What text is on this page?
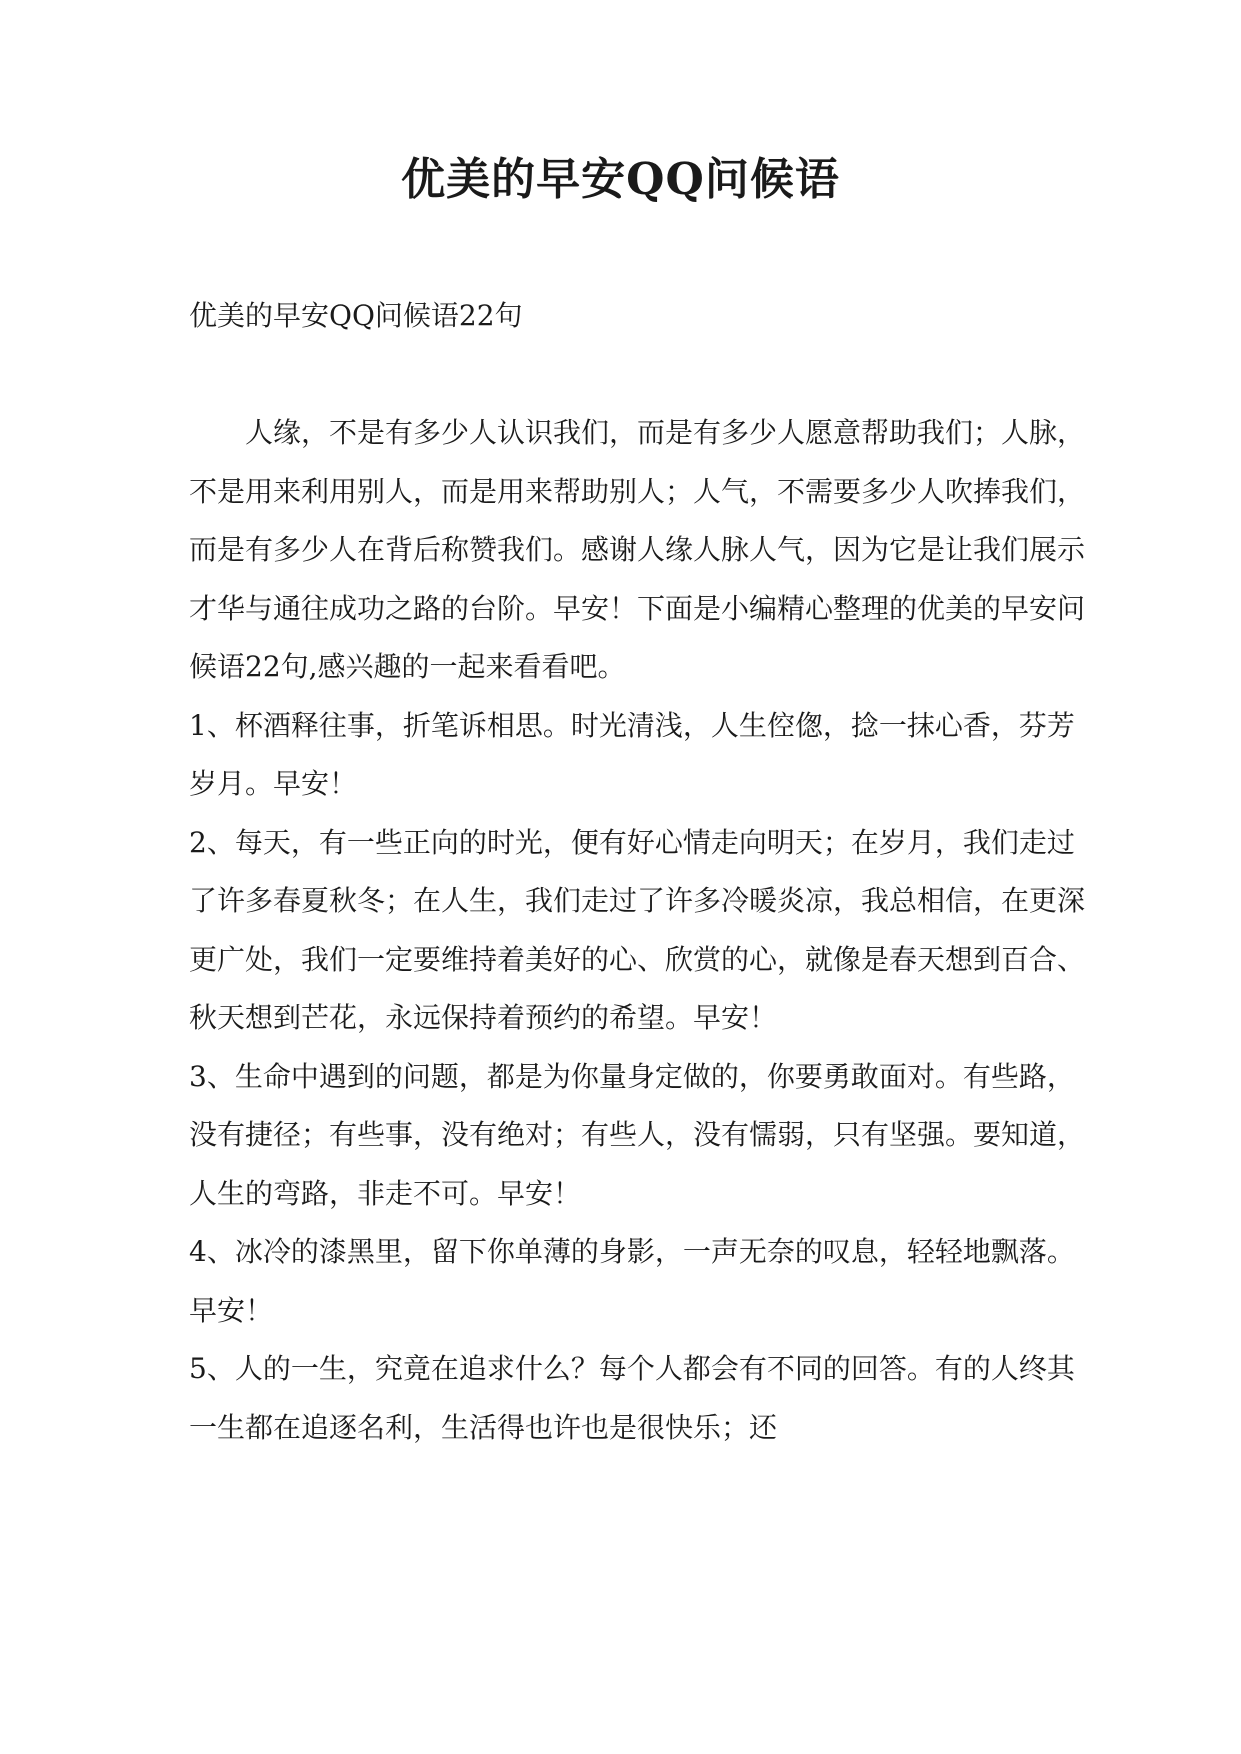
优美的早安QQ问候语
优美的早安QQ问候语22句

人缘，不是有多少人认识我们，而是有多少人愿意帮助我们；人脉，不是用来利用别人，而是用来帮助别人；人气，不需要多少人吹捧我们，而是有多少人在背后称赞我们。感谢人缘人脉人气，因为它是让我们展示才华与通往成功之路的台阶。早安！下面是小编精心整理的优美的早安问候语22句,感兴趣的一起来看看吧。

1、杯酒释往事，折笔诉相思。时光清浅，人生倥偬，捻一抹心香，芬芳岁月。早安！

2、每天，有一些正向的时光，便有好心情走向明天；在岁月，我们走过了许多春夏秋冬；在人生，我们走过了许多冷暖炎凉，我总相信，在更深更广处，我们一定要维持着美好的心、欣赏的心，就像是春天想到百合、秋天想到芒花，永远保持着预约的希望。早安！

3、生命中遇到的问题，都是为你量身定做的，你要勇敢面对。有些路，没有捷径；有些事，没有绝对；有些人，没有懦弱，只有坚强。要知道，人生的弯路，非走不可。早安！

4、冰冷的漆黑里，留下你单薄的身影，一声无奈的叹息，轻轻地飘落。早安！

5、人的一生，究竟在追求什么？每个人都会有不同的回答。有的人终其一生都在追逐名利，生活得也许也是很快乐；还
